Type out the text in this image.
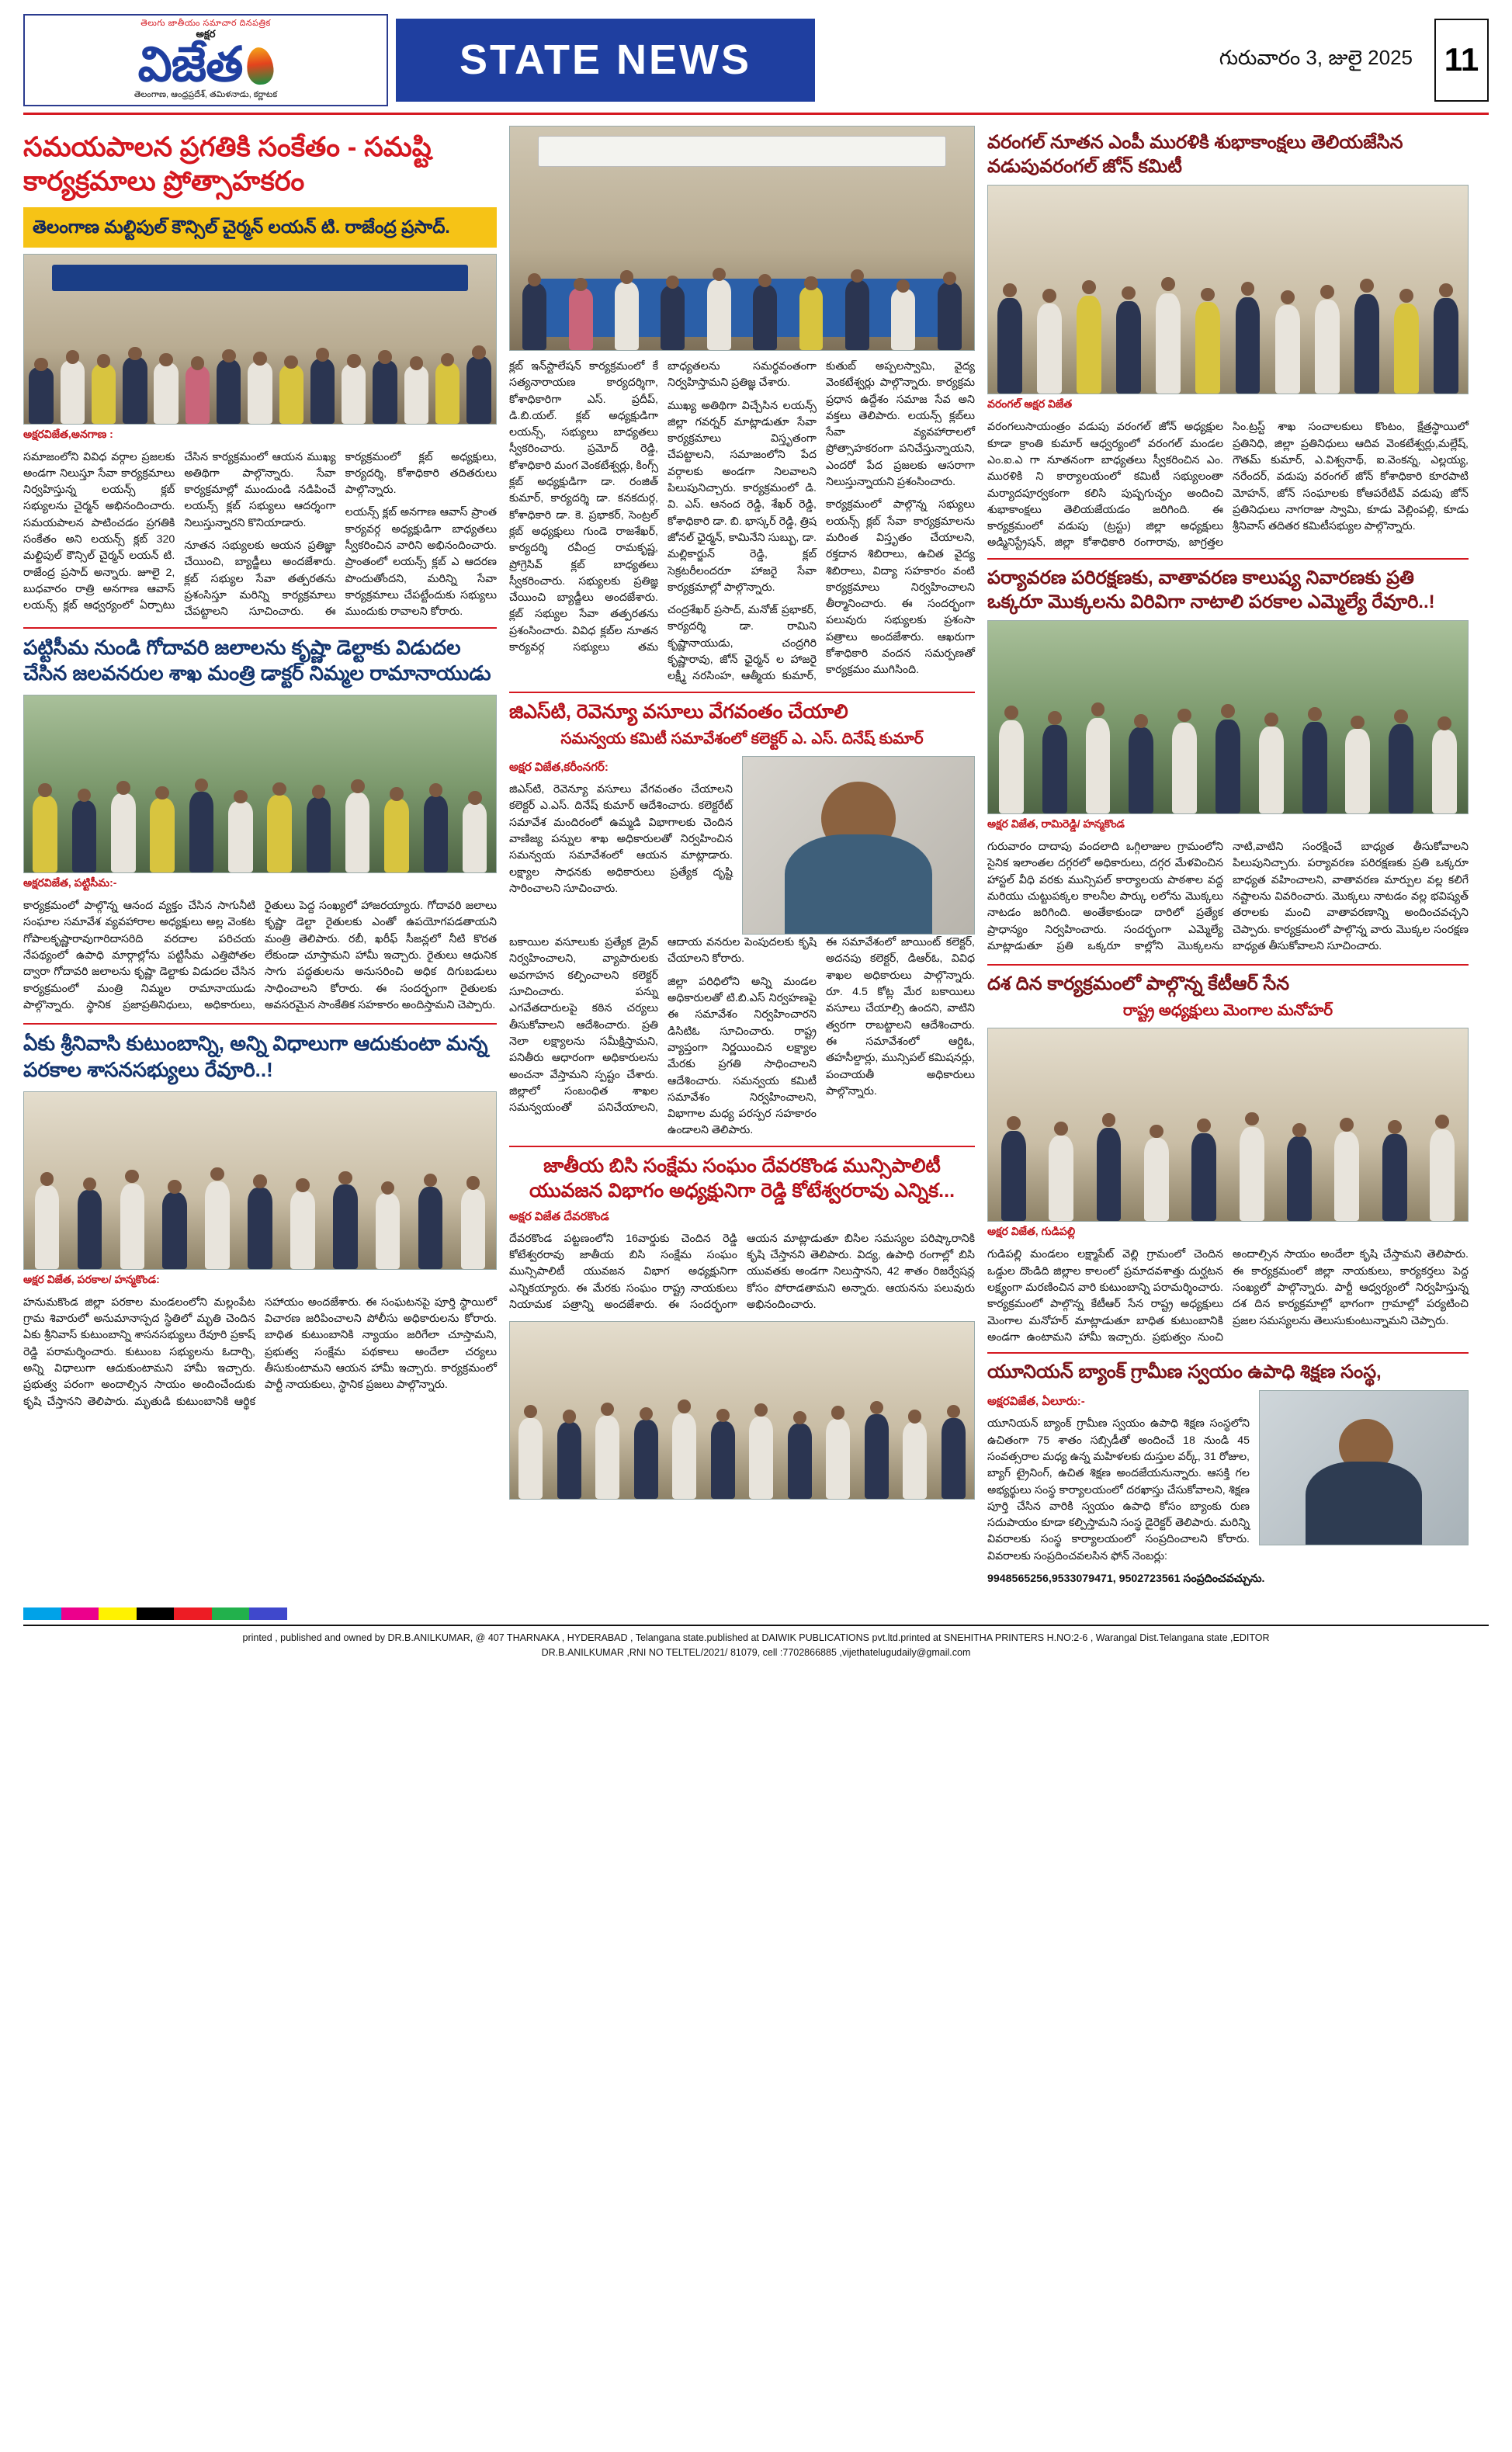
తెలుగు జాతీయం సమాచార దినపత్రిక
అక్షర
విజేత
తెలంగాణ, ఆంధ్రప్రదేశ్, తమిళనాడు, కర్ణాటక
STATE NEWS	గురువారం 3, జులై 2025 11
సమయపాలన ప్రగతికి సంకేతం - సమష్టి కార్యక్రమాలు ప్రోత్సాహకరం
తెలంగాణ మల్టిపుల్ కౌన్సిల్ చైర్మన్ లయన్ టి. రాజేంద్ర ప్రసాద్.
అక్షరవిజేత,అనగాణ :
సమాజంలోని వివిధ వర్గాల ప్రజలకు అండగా నిలుస్తూ సేవా కార్యక్రమాలు నిర్వహిస్తున్న లయన్స్ క్లబ్ సభ్యులను చైర్మన్ అభినందించారు. సమయపాలన పాటించడం ప్రగతికి సంకేతం అని లయన్స్ క్లబ్ 320 మల్టిపుల్ కౌన్సిల్ చైర్మన్ లయన్ టి. రాజేంద్ర ప్రసాద్ అన్నారు. జూలై 2, బుధవారం రాత్రి అనగాణ ఆవాస్ లయన్స్ క్లబ్ ఆధ్వర్యంలో ఏర్పాటు చేసిన కార్యక్రమంలో ఆయన ముఖ్య అతిథిగా పాల్గొన్నారు. సేవా కార్యక్రమాల్లో ముందుండి నడిపించే లయన్స్ క్లబ్ సభ్యులు ఆదర్శంగా నిలుస్తున్నారని కొనియాడారు.
నూతన సభ్యులకు ఆయన ప్రతిజ్ఞా చేయించి, బ్యాడ్జీలు అందజేశారు. క్లబ్ సభ్యుల సేవా తత్పరతను ప్రశంసిస్తూ మరిన్ని కార్యక్రమాలు చేపట్టాలని సూచించారు. ఈ కార్యక్రమంలో క్లబ్ అధ్యక్షులు, కార్యదర్శి, కోశాధికారి తదితరులు పాల్గొన్నారు.
లయన్స్ క్లబ్ అనగాణ ఆవాస్ ప్రాంత కార్యవర్గ అధ్యక్షుడిగా బాధ్యతలు స్వీకరించిన వారిని అభినందించారు. ప్రాంతంలో లయన్స్ క్లబ్ ఎ ఆదరణ పొందుతోందని, మరిన్ని సేవా కార్యక్రమాలు చేపట్టేందుకు సభ్యులు ముందుకు రావాలని కోరారు.
పట్టిసీమ నుండి గోదావరి జలాలను కృష్ణా డెల్టాకు విడుదల చేసిన జలవనరుల శాఖ మంత్రి డాక్టర్ నిమ్మల రామానాయుడు
అక్షరవిజేత, పట్టిసీమ:-
కార్యక్రమంలో పాల్గొన్న ఆనంద వ్యక్తం చేసిన సాగునీటి సంఘాల సమావేశ వ్యవహారాల అధ్యక్షులు అల్ల వెంకట గోపాలకృష్ణారావుగారిదాసరిది వరదాల పరిచయ నేపథ్యంలో ఉపాధి మార్గాల్లోను పట్టిసీమ ఎత్తిపోతల ద్వారా గోదావరి జలాలను కృష్ణా డెల్టాకు విడుదల చేసిన కార్యక్రమంలో మంత్రి నిమ్మల రామానాయుడు పాల్గొన్నారు. స్థానిక ప్రజాప్రతినిధులు, అధికారులు, రైతులు పెద్ద సంఖ్యలో హాజరయ్యారు. గోదావరి జలాలు కృష్ణా డెల్టా రైతులకు ఎంతో ఉపయోగపడతాయని మంత్రి తెలిపారు. రబీ, ఖరీఫ్ సీజన్లలో నీటి కొరత లేకుండా చూస్తామని హామీ ఇచ్చారు. రైతులు ఆధునిక సాగు పద్ధతులను అనుసరించి అధిక దిగుబడులు సాధించాలని కోరారు. ఈ సందర్భంగా రైతులకు అవసరమైన సాంకేతిక సహకారం అందిస్తామని చెప్పారు.
ఏకు శ్రీనివాసి కుటుంబాన్ని, అన్ని విధాలుగా ఆదుకుంటా మన్న పరకాల శాసనసభ్యులు రేవూరి..!
అక్షర విజేత, పరకాల/ హన్మకొండ:
హనుమకొండ జిల్లా పరకాల మండలంలోని మల్లంపేట గ్రామ శివారులో అనుమానాస్పద స్థితిలో మృతి చెందిన ఏకు శ్రీనివాస్ కుటుంబాన్ని శాసనసభ్యులు రేవూరి ప్రకాష్ రెడ్డి పరామర్శించారు. కుటుంబ సభ్యులను ఓదార్చి, అన్ని విధాలుగా ఆదుకుంటామని హామీ ఇచ్చారు. ప్రభుత్వ పరంగా అందాల్సిన సాయం అందించేందుకు కృషి చేస్తానని తెలిపారు. మృతుడి కుటుంబానికి ఆర్థిక సహాయం అందజేశారు. ఈ సంఘటనపై పూర్తి స్థాయిలో విచారణ జరిపించాలని పోలీసు అధికారులను కోరారు. బాధిత కుటుంబానికి న్యాయం జరిగేలా చూస్తామని, ప్రభుత్వ సంక్షేమ పథకాలు అందేలా చర్యలు తీసుకుంటామని ఆయన హామీ ఇచ్చారు. కార్యక్రమంలో పార్టీ నాయకులు, స్థానిక ప్రజలు పాల్గొన్నారు.
క్లబ్ ఇన్‌స్టాలేషన్ కార్యక్రమంలో కే సత్యనారాయణ కార్యదర్శిగా, కోశాధికారిగా ఎస్. ప్రదీప్, డి.బి.యల్. క్లబ్ అధ్యక్షుడిగా లయన్స్, సభ్యులు బాధ్యతలు స్వీకరించారు. ప్రమోద్ రెడ్డి, కోశాధికారి మంగ వెంకటేశ్వర్లు, కింగ్స్ క్లబ్ అధ్యక్షుడిగా డా. రంజిత్ కుమార్, కార్యదర్శి డా. కనకదుర్గ, కోశాధికారి డా. కె. ప్రభాకర్, సెంట్రల్ క్లబ్ అధ్యక్షులు గుండె రాజశేఖర్, కార్యదర్శి రవీంద్ర రామకృష్ణ, ప్రోగ్రెసివ్ క్లబ్ బాధ్యతలు స్వీకరించారు. సభ్యులకు ప్రతిజ్ఞ చేయించి బ్యాడ్జీలు అందజేశారు. క్లబ్ సభ్యుల సేవా తత్పరతను ప్రశంసించారు. వివిధ క్లబ్‌ల నూతన కార్యవర్గ సభ్యులు తమ బాధ్యతలను సమర్థవంతంగా నిర్వహిస్తామని ప్రతిజ్ఞ చేశారు.
ముఖ్య అతిథిగా విచ్చేసిన లయన్స్ జిల్లా గవర్నర్ మాట్లాడుతూ సేవా కార్యక్రమాలు విస్తృతంగా చేపట్టాలని, సమాజంలోని పేద వర్గాలకు అండగా నిలవాలని పిలుపునిచ్చారు. కార్యక్రమంలో డి. వి. ఎస్. ఆనంద రెడ్డి, శేఖర్ రెడ్డి, కోశాధికారి డా. బి. భాస్కర్ రెడ్డి, త్రిష జోనల్ ఛైర్మన్, కామినేని సుబ్బు, డా. మల్లికార్జున్ రెడ్డి, క్లబ్ సెక్రటరీలందరూ హాజరై సేవా కార్యక్రమాల్లో పాల్గొన్నారు.
చంద్రశేఖర్ ప్రసాద్, మనోజ్ ప్రభాకర్, కార్యదర్శి డా. రామిని కృష్ణానాయుడు, చంద్రగిరి కృష్ణారావు, జోన్ ఛైర్మన్ ల హాజరై లక్ష్మీ నరసింహ, ఆత్మీయ కుమార్, కుతుబ్ అప్పలస్వామి, వైద్య వెంకటేశ్వర్లు పాల్గొన్నారు. కార్యక్రమ ప్రధాన ఉద్దేశం సమాజ సేవ అని వక్తలు తెలిపారు. లయన్స్ క్లబ్‌లు సేవా వ్యవహారాలలో ప్రోత్సాహకరంగా పనిచేస్తున్నాయని, ఎందరో పేద ప్రజలకు ఆసరాగా నిలుస్తున్నాయని ప్రశంసించారు.
కార్యక్రమంలో పాల్గొన్న సభ్యులు లయన్స్ క్లబ్ సేవా కార్యక్రమాలను మరింత విస్తృతం చేయాలని, రక్తదాన శిబిరాలు, ఉచిత వైద్య శిబిరాలు, విద్యా సహకారం వంటి కార్యక్రమాలు నిర్వహించాలని తీర్మానించారు. ఈ సందర్భంగా పలువురు సభ్యులకు ప్రశంసా పత్రాలు అందజేశారు. ఆఖరుగా కోశాధికారి వందన సమర్పణతో కార్యక్రమం ముగిసింది.
జిఎస్‌టి, రెవెన్యూ వసూలు వేగవంతం చేయాలి
సమన్వయ కమిటీ సమావేశంలో కలెక్టర్ ఎ. ఎస్. దినేష్ కుమార్
అక్షర విజేత,కరీంనగర్:
జిఎస్‌టి, రెవెన్యూ వసూలు వేగవంతం చేయాలని కలెక్టర్ ఎ.ఎస్. దినేష్ కుమార్ ఆదేశించారు. కలెక్టరేట్ సమావేశ మందిరంలో ఉమ్మడి విభాగాలకు చెందిన వాణిజ్య పన్నుల శాఖ అధికారులతో నిర్వహించిన సమన్వయ సమావేశంలో ఆయన మాట్లాడారు. లక్ష్యాల సాధనకు అధికారులు ప్రత్యేక దృష్టి సారించాలని సూచించారు.
బకాయిల వసూలుకు ప్రత్యేక డ్రైవ్ నిర్వహించాలని, వ్యాపారులకు అవగాహన కల్పించాలని కలెక్టర్ సూచించారు. పన్ను ఎగవేతదారులపై కఠిన చర్యలు తీసుకోవాలని ఆదేశించారు. ప్రతి నెలా లక్ష్యాలను సమీక్షిస్తామని, పనితీరు ఆధారంగా అధికారులను అంచనా వేస్తామని స్పష్టం చేశారు. జిల్లాలో సంబంధిత శాఖల సమన్వయంతో పనిచేయాలని, ఆదాయ వనరుల పెంపుదలకు కృషి చేయాలని కోరారు.
జిల్లా పరిధిలోని అన్ని మండల అధికారులతో టి.బి.ఎస్ నిర్వహణపై ఈ సమావేశం నిర్వహించారని డిసిటిఓ సూచించారు. రాష్ట్ర వ్యాప్తంగా నిర్ణయించిన లక్ష్యాల మేరకు ప్రగతి సాధించాలని ఆదేశించారు. సమన్వయ కమిటీ సమావేశం నిర్వహించాలని, విభాగాల మధ్య పరస్పర సహకారం ఉండాలని తెలిపారు.
ఈ సమావేశంలో జాయింట్ కలెక్టర్, అదనపు కలెక్టర్, డిఆర్ఓ, వివిధ శాఖల అధికారులు పాల్గొన్నారు. రూ. 4.5 కోట్ల మేర బకాయిలు వసూలు చేయాల్సి ఉందని, వాటిని త్వరగా రాబట్టాలని ఆదేశించారు. ఈ సమావేశంలో ఆర్డిఓ, తహసీల్దార్లు, మున్సిపల్ కమిషనర్లు, పంచాయతీ అధికారులు పాల్గొన్నారు.
జాతీయ బిసి సంక్షేమ సంఘం దేవరకొండ మున్సిపాలిటీ యువజన విభాగం అధ్యక్షునిగా రెడ్డి కోటేశ్వరరావు ఎన్నిక...
అక్షర విజేత దేవరకొండ
దేవరకొండ పట్టణంలోని 16వార్డుకు చెందిన రెడ్డి కోటేశ్వరరావు జాతీయ బిసి సంక్షేమ సంఘం మున్సిపాలిటీ యువజన విభాగ అధ్యక్షునిగా ఎన్నికయ్యారు. ఈ మేరకు సంఘం రాష్ట్ర నాయకులు నియామక పత్రాన్ని అందజేశారు. ఈ సందర్భంగా ఆయన మాట్లాడుతూ బిసిల సమస్యల పరిష్కారానికి కృషి చేస్తానని తెలిపారు. విద్య, ఉపాధి రంగాల్లో బిసి యువతకు అండగా నిలుస్తానని, 42 శాతం రిజర్వేషన్ల కోసం పోరాడతామని అన్నారు. ఆయనను పలువురు అభినందించారు.
వరంగల్ నూతన ఎంపీ మురళికి శుభాకాంక్షలు తెలియజేసిన వడుపువరంగల్ జోన్ కమిటీ
వరంగల్ అక్షర విజేత
వరంగలుసాయంత్రం వడుపు వరంగల్ జోన్ అధ్యక్షుల కూడా క్రాంతి కుమార్ ఆధ్వర్యంలో వరంగల్ మండల ఎం.ఐ.ఎ గా నూతనంగా బాధ్యతలు స్వీకరించిన ఎం. మురళికి ని కార్యాలయంలో కమిటీ సభ్యులంతా మర్యాదపూర్వకంగా కలిసి పుష్పగుచ్ఛం అందించి శుభాకాంక్షలు తెలియజేయడం జరిగింది. ఈ కార్యక్రమంలో వడుపు (ట్రస్టు) జిల్లా అధ్యక్షులు అడ్మినిస్ట్రేషన్, జిల్లా కోశాధికారి రంగారావు, జాగ్రత్తల సిం.ట్రస్ట్ శాఖ సంచాలకులు కొంటం, క్షేత్రస్థాయిలో ప్రతినిధి, జిల్లా ప్రతినిధులు ఆదివ వెంకటేశ్వర్లు,మల్లేష్, గౌతమ్ కుమార్, ఎ.విశ్వనాథ్, ఐ.వెంకన్న, ఎల్లయ్య, నరేందర్, వడుపు వరంగల్ జోన్ కోశాధికారి కూరపాటి మోహన్, జోన్ సంఘాలకు కోఆపరేటివ్ వడుపు జోన్ ప్రతినిధులు నాగరాజు స్వామి, కూడు వెల్లింపల్లి, కూడు శ్రీనివాస్ తదితర కమిటీసభ్యుల పాల్గొన్నారు.
పర్యావరణ పరిరక్షణకు, వాతావరణ కాలుష్య నివారణకు ప్రతి ఒక్కరూ మొక్కలను విరివిగా నాటాలి పరకాల ఎమ్మెల్యే రేవూరి..!
అక్షర విజేత, రామిరెడ్డి/ హన్మకొండ
గురువారం దాదాపు వందలాది ఒగ్గిలాజుల గ్రామంలోని సైనిక ఇలాంతల దగ్గరలో అధికారులు, దగ్గర మేళవించిన హాస్టల్ వీధి వరకు మున్సిపల్ కార్యాలయ పాఠశాల వద్ద మరియు చుట్టుపక్కల కాలనీల పార్కు లలోను మొక్కలు నాటడం జరిగింది. అంతేకాకుండా దారిలో ప్రత్యేక ప్రాధాన్యం నిర్వహించారు. సందర్భంగా ఎమ్మెల్యే మాట్లాడుతూ ప్రతి ఒక్కరూ కాల్లోని మొక్కలను నాటి,వాటిని సంరక్షించే బాధ్యత తీసుకోవాలని పిలుపునిచ్చారు. పర్యావరణ పరిరక్షణకు ప్రతి ఒక్కరూ బాధ్యత వహించాలని, వాతావరణ మార్పుల వల్ల కలిగే నష్టాలను వివరించారు. మొక్కలు నాటడం వల్ల భవిష్యత్ తరాలకు మంచి వాతావరణాన్ని అందించవచ్చని చెప్పారు. కార్యక్రమంలో పాల్గొన్న వారు మొక్కల సంరక్షణ బాధ్యత తీసుకోవాలని సూచించారు.
దశ దిన కార్యక్రమంలో పాల్గొన్న కేటీఆర్ సేన
రాష్ట్ర అధ్యక్షులు మెంగాల మనోహర్
అక్షర విజేత, గుడిపల్లి
గుడిపల్లి మండలం లక్ష్మాపేట్ వెల్లి గ్రామంలో చెందిన ఒడ్డుల దొండిది జిల్లాల కాలంలో ప్రమాదవశాత్తు దుర్ఘటన లక్ష్యంగా మరణించిన వారి కుటుంబాన్ని పరామర్శించారు. కార్యక్రమంలో పాల్గొన్న కేటీఆర్ సేన రాష్ట్ర అధ్యక్షులు మెంగాల మనోహర్ మాట్లాడుతూ బాధిత కుటుంబానికి అండగా ఉంటామని హామీ ఇచ్చారు. ప్రభుత్వం నుంచి అందాల్సిన సాయం అందేలా కృషి చేస్తామని తెలిపారు. ఈ కార్యక్రమంలో జిల్లా నాయకులు, కార్యకర్తలు పెద్ద సంఖ్యలో పాల్గొన్నారు. పార్టీ ఆధ్వర్యంలో నిర్వహిస్తున్న దశ దిన కార్యక్రమాల్లో భాగంగా గ్రామాల్లో పర్యటించి ప్రజల సమస్యలను తెలుసుకుంటున్నామని చెప్పారు.
యూనియన్ బ్యాంక్ గ్రామీణ స్వయం ఉపాధి శిక్షణ సంస్థ,
అక్షరవిజేత, ఏలూరు:-
యూనియన్ బ్యాంక్ గ్రామీణ స్వయం ఉపాధి శిక్షణ సంస్థలోని ఉచితంగా 75 శాతం సబ్సిడీతో అందించే 18 నుండి 45 సంవత్సరాల మధ్య ఉన్న మహిళలకు దుస్తుల వర్క్, 31 రోజుల, బ్యాగ్ ట్రైనింగ్, ఉచిత శిక్షణ అందజేయనున్నారు. ఆసక్తి గల అభ్యర్థులు సంస్థ కార్యాలయంలో దరఖాస్తు చేసుకోవాలని, శిక్షణ పూర్తి చేసిన వారికి స్వయం ఉపాధి కోసం బ్యాంకు రుణ సదుపాయం కూడా కల్పిస్తామని సంస్థ డైరెక్టర్ తెలిపారు. మరిన్ని వివరాలకు సంస్థ కార్యాలయంలో సంప్రదించాలని కోరారు. వివరాలకు సంప్రదించవలసిన ఫోన్ నెంబర్లు:
9948565256,9533079471, 9502723561 సంప్రదించవచ్చును.
printed , published and owned by DR.B.ANILKUMAR, @ 407 THARNAKA , HYDERABAD , Telangana state.published at DAIWIK PUBLICATIONS pvt.ltd.printed at SNEHITHA PRINTERS H.NO:2-6 , Warangal Dist.Telangana state ,EDITOR
DR.B.ANILKUMAR ,RNI NO TELTEL/2021/ 81079, cell :7702866885 ,vijethatelugudaily@gmail.com
